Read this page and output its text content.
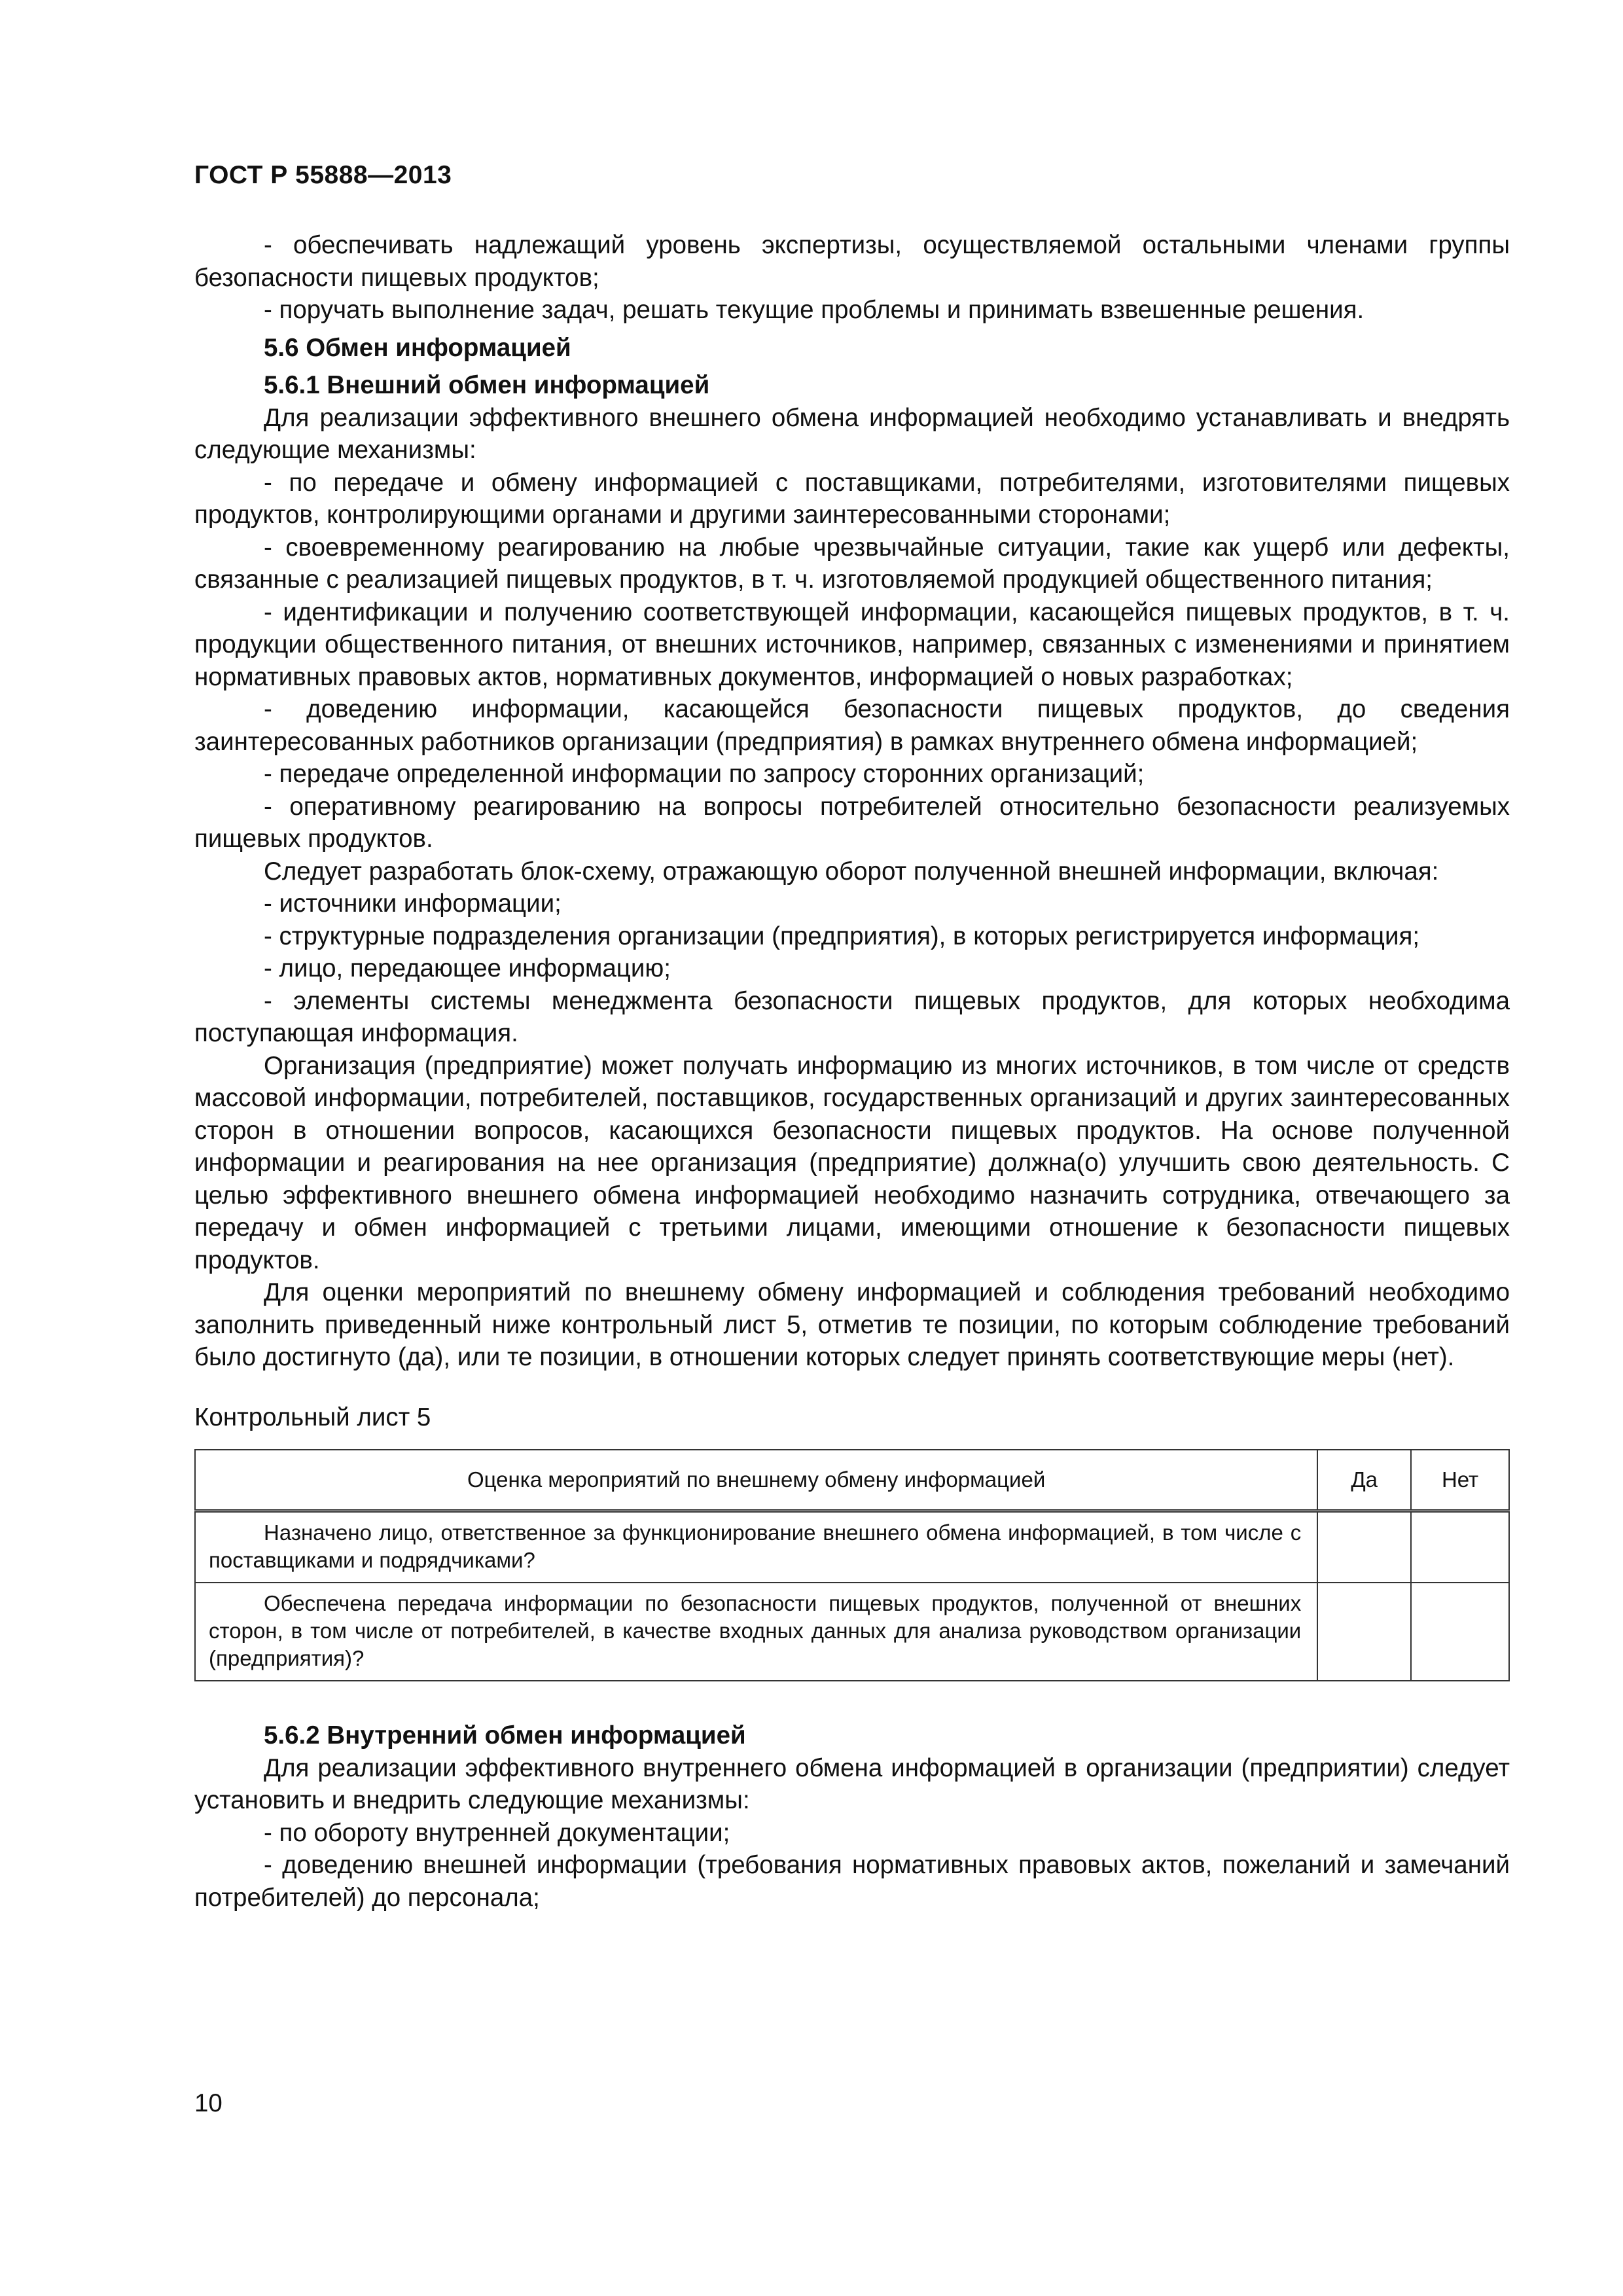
ГОСТ Р 55888—2013

- обеспечивать надлежащий уровень экспертизы, осуществляемой остальными членами группы безопасности пищевых продуктов;

- поручать выполнение задач, решать текущие проблемы и принимать взвешенные решения.

5.6 Обмен информацией
5.6.1 Внешний обмен информацией

Для реализации эффективного внешнего обмена информацией необходимо устанавливать и внедрять следующие механизмы:

- по передаче и обмену информацией с поставщиками, потребителями, изготовителями пищевых продуктов, контролирующими органами и другими заинтересованными сторонами;

- своевременному реагированию на любые чрезвычайные ситуации, такие как ущерб или дефекты, связанные с реализацией пищевых продуктов, в т. ч. изготовляемой продукцией общественного питания;

- идентификации и получению соответствующей информации, касающейся пищевых продуктов, в т. ч. продукции общественного питания, от внешних источников, например, связанных с изменениями и принятием нормативных правовых актов, нормативных документов, информацией о новых разработках;

- доведению информации, касающейся безопасности пищевых продуктов, до сведения заинтересованных работников организации (предприятия) в рамках внутреннего обмена информацией;

- передаче определенной информации по запросу сторонних организаций;

- оперативному реагированию на вопросы потребителей относительно безопасности реализуемых пищевых продуктов.

Следует разработать блок-схему, отражающую оборот полученной внешней информации, включая:

- источники информации;

- структурные подразделения организации (предприятия), в которых регистрируется информация;

- лицо, передающее информацию;

- элементы системы менеджмента безопасности пищевых продуктов, для которых необходима поступающая информация.

Организация (предприятие) может получать информацию из многих источников, в том числе от средств массовой информации, потребителей, поставщиков, государственных организаций и других заинтересованных сторон в отношении вопросов, касающихся безопасности пищевых продуктов. На основе полученной информации и реагирования на нее организация (предприятие) должна(о) улучшить свою деятельность. С целью эффективного внешнего обмена информацией необходимо назначить сотрудника, отвечающего за передачу и обмен информацией с третьими лицами, имеющими отношение к безопасности пищевых продуктов.

Для оценки мероприятий по внешнему обмену информацией и соблюдения требований необходимо заполнить приведенный ниже контрольный лист 5, отметив те позиции, по которым соблюдение требований было достигнуто (да), или те позиции, в отношении которых следует принять соответствующие меры (нет).

Контрольный лист 5

Оценка мероприятий по внешнему обмену информацией	Да	Нет
Назначено лицо, ответственное за функционирование внешнего обмена информацией, в том числе с поставщиками и подрядчиками?		
Обеспечена передача информации по безопасности пищевых продуктов, полученной от внешних сторон, в том числе от потребителей, в качестве входных данных для анализа руководством организации (предприятия)?		
5.6.2 Внутренний обмен информацией

Для реализации эффективного внутреннего обмена информацией в организации (предприятии) следует установить и внедрить следующие механизмы:

- по обороту внутренней документации;

- доведению внешней информации (требования нормативных правовых актов, пожеланий и замечаний потребителей) до персонала;

10
